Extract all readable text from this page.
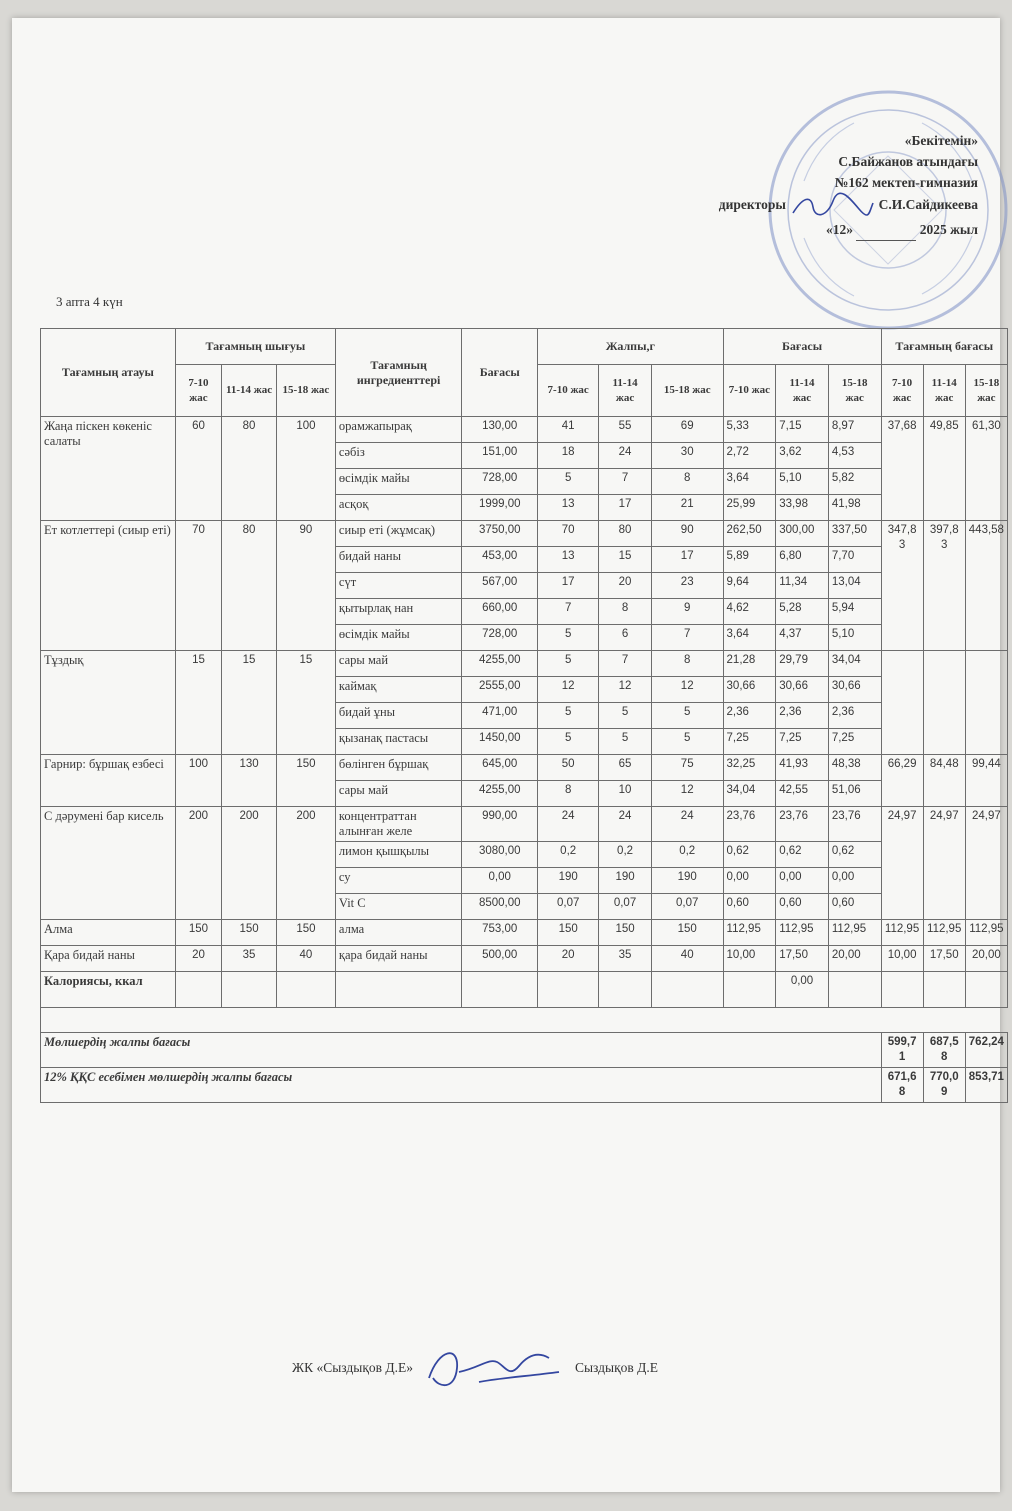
«Бекітемін»
С.Байжанов атындағы
№162 мектеп-гимназия
директоры	С.И.Сайдикеева
«12»	2025 жыл
3 апта 4 күн
Тағамның атауы	Тағамның шығуы			Тағамның ингредиенттері	Бағасы	Жалпы,г			Бағасы			Тағамның бағасы		
	7-10 жас	11-14 жас	15-18 жас			7-10 жас	11-14 жас	15-18 жас	7-10 жас	11-14 жас	15-18 жас	7-10 жас	11-14 жас	15-18 жас
Жаңа піскен көкеніс салаты	60	80	100	орамжапырақ	130,00	41	55	69	5,33	7,15	8,97	37,68	49,85	61,30
				сәбіз	151,00	18	24	30	2,72	3,62	4,53			
				өсімдік майы	728,00	5	7	8	3,64	5,10	5,82			
				асқоқ	1999,00	13	17	21	25,99	33,98	41,98			
Ет котлеттері (сиыр еті)	70	80	90	сиыр еті (жұмсақ)	3750,00	70	80	90	262,50	300,00	337,50	347,83	397,83	443,58
				бидай наны	453,00	13	15	17	5,89	6,80	7,70			
				сүт	567,00	17	20	23	9,64	11,34	13,04			
				қытырлақ нан	660,00	7	8	9	4,62	5,28	5,94			
				өсімдік майы	728,00	5	6	7	3,64	4,37	5,10			
Тұздық	15	15	15	сары май	4255,00	5	7	8	21,28	29,79	34,04			
				каймақ	2555,00	12	12	12	30,66	30,66	30,66			
				бидай ұны	471,00	5	5	5	2,36	2,36	2,36			
				қызанақ пастасы	1450,00	5	5	5	7,25	7,25	7,25			
Гарнир: бұршақ езбесі	100	130	150	бөлінген бұршақ	645,00	50	65	75	32,25	41,93	48,38	66,29	84,48	99,44
				сары май	4255,00	8	10	12	34,04	42,55	51,06			
С дәрумені бар кисель	200	200	200	концентраттан алынған желе	990,00	24	24	24	23,76	23,76	23,76	24,97	24,97	24,97
				лимон қышқылы	3080,00	0,2	0,2	0,2	0,62	0,62	0,62			
				су	0,00	190	190	190	0,00	0,00	0,00			
				Vit C	8500,00	0,07	0,07	0,07	0,60	0,60	0,60			
Алма	150	150	150	алма	753,00	150	150	150	112,95	112,95	112,95	112,95	112,95	112,95
Қара бидай наны	20	35	40	қара бидай наны	500,00	20	35	40	10,00	17,50	20,00	10,00	17,50	20,00
Калориясы, ккал										0,00				

Мөлшердің жалпы бағасы												599,71	687,58	762,24
12% ҚҚС есебімен мөлшердің жалпы бағасы												671,68	770,09	853,71
ЖК «Сыздықов Д.Е»	Сыздықов Д.Е
